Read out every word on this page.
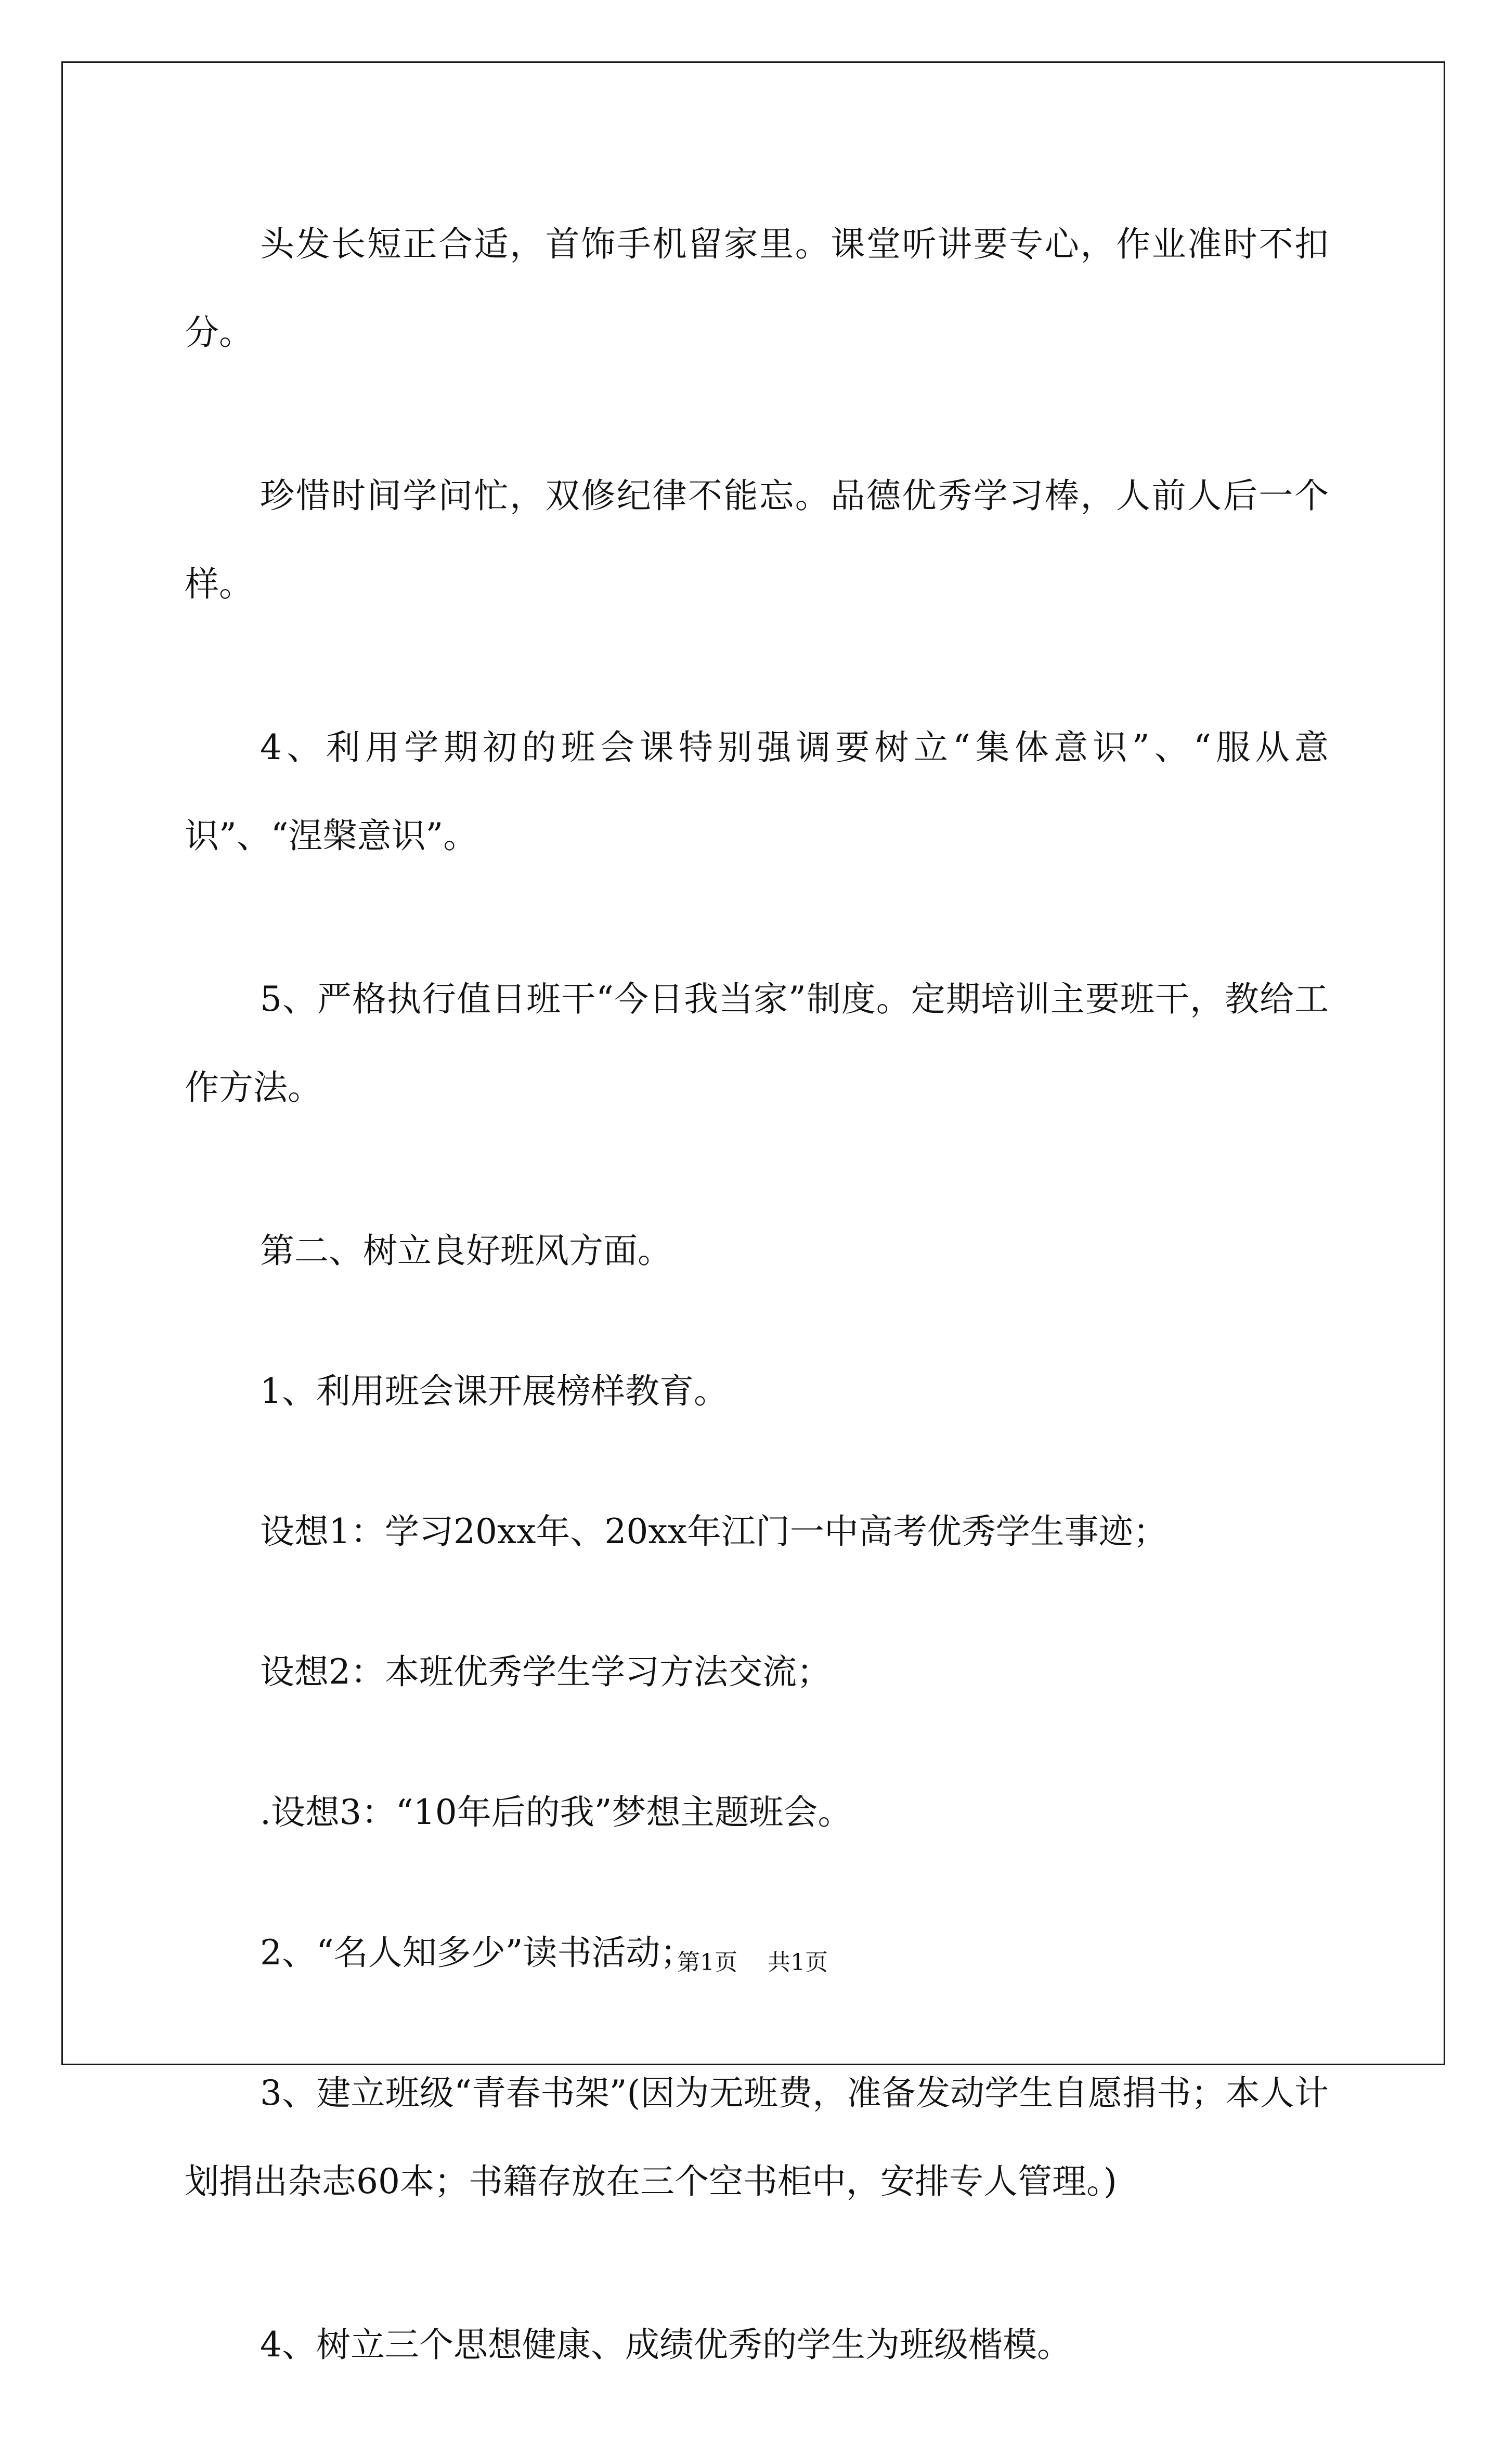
头发长短正合适，首饰手机留家里。课堂听讲要专心，作业准时不扣分。

珍惜时间学问忙，双修纪律不能忘。品德优秀学习棒，人前人后一个样。

4、利用学期初的班会课特别强调要树立“集体意识”、“服从意识”、“涅槃意识”。

5、严格执行值日班干“今日我当家”制度。定期培训主要班干，教给工作方法。

第二、树立良好班风方面。

1、利用班会课开展榜样教育。

设想1：学习20xx年、20xx年江门一中高考优秀学生事迹；

设想2：本班优秀学生学习方法交流；

.设想3：“10年后的我”梦想主题班会。

2、“名人知多少”读书活动；

3、建立班级“青春书架”(因为无班费，准备发动学生自愿捐书；本人计划捐出杂志60本；书籍存放在三个空书柜中，安排专人管理。)

4、树立三个思想健康、成绩优秀的学生为班级楷模。

第1页 共1页
